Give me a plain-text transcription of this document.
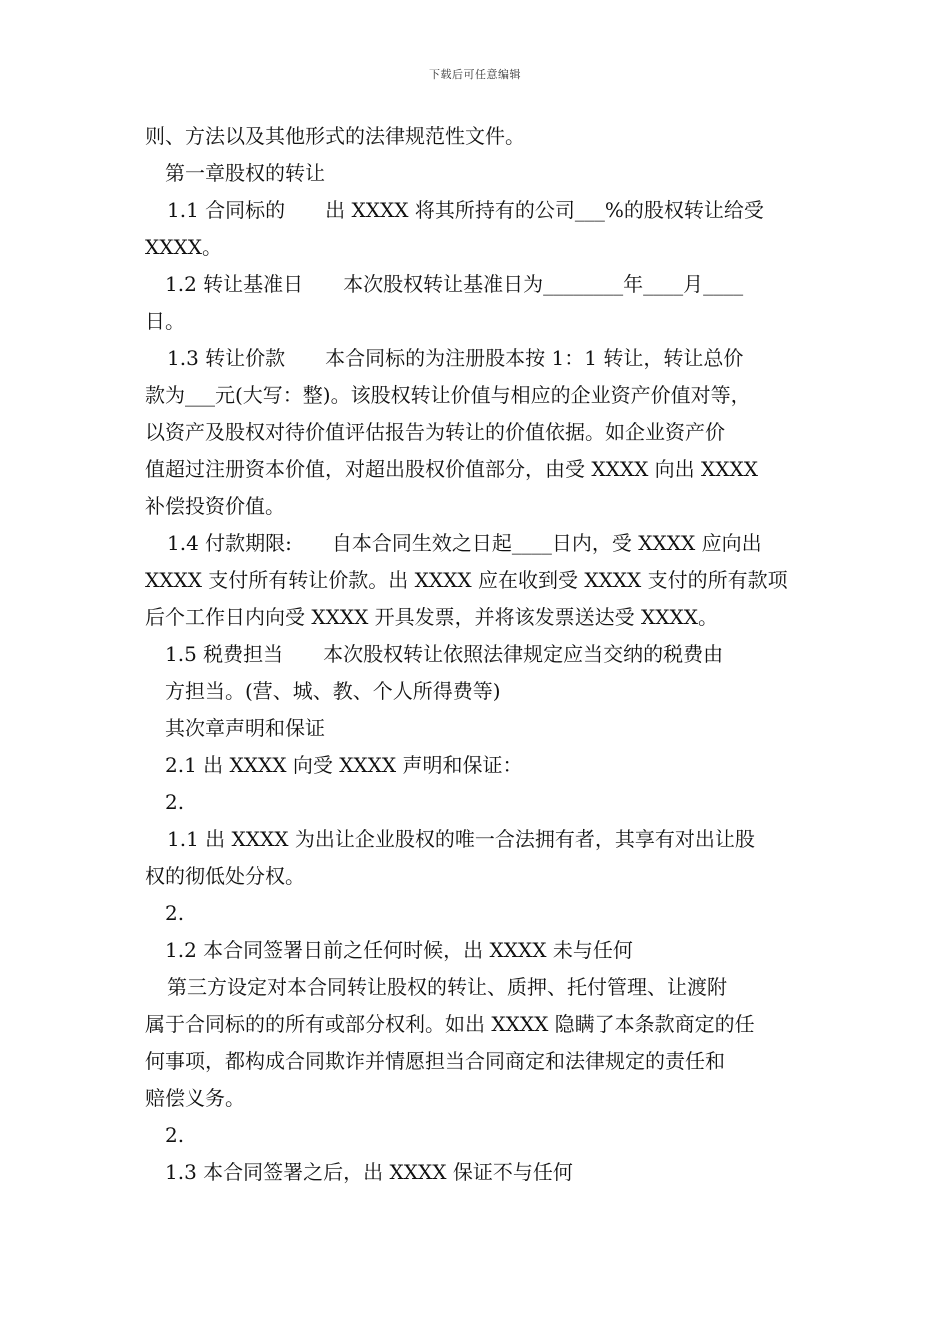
下载后可任意编辑
则、方法以及其他形式的法律规范性文件。
第一章股权的转让
1.1 合同标的　　出 XXXX 将其所持有的公司___%的股权转让给受
XXXX。
1.2 转让基准日　　本次股权转让基准日为________年____月____
日。
1.3 转让价款　　本合同标的为注册股本按 1：1 转让，转让总价
款为___元(大写：整)。该股权转让价值与相应的企业资产价值对等，
以资产及股权对待价值评估报告为转让的价值依据。如企业资产价
值超过注册资本价值，对超出股权价值部分，由受 XXXX 向出 XXXX
补偿投资价值。
1.4 付款期限:　　自本合同生效之日起____日内，受 XXXX 应向出
XXXX 支付所有转让价款。出 XXXX 应在收到受 XXXX 支付的所有款项
后个工作日内向受 XXXX 开具发票，并将该发票送达受 XXXX。
1.5 税费担当　　本次股权转让依照法律规定应当交纳的税费由
方担当。(营、城、教、个人所得费等)
其次章声明和保证
2.1 出 XXXX 向受 XXXX 声明和保证：
2.
1.1 出 XXXX 为出让企业股权的唯一合法拥有者，其享有对出让股
权的彻低处分权。
2.
1.2 本合同签署日前之任何时候，出 XXXX 未与任何
第三方设定对本合同转让股权的转让、质押、托付管理、让渡附
属于合同标的的所有或部分权利。如出 XXXX 隐瞒了本条款商定的任
何事项，都构成合同欺诈并情愿担当合同商定和法律规定的责任和
赔偿义务。
2.
1.3 本合同签署之后，出 XXXX 保证不与任何
